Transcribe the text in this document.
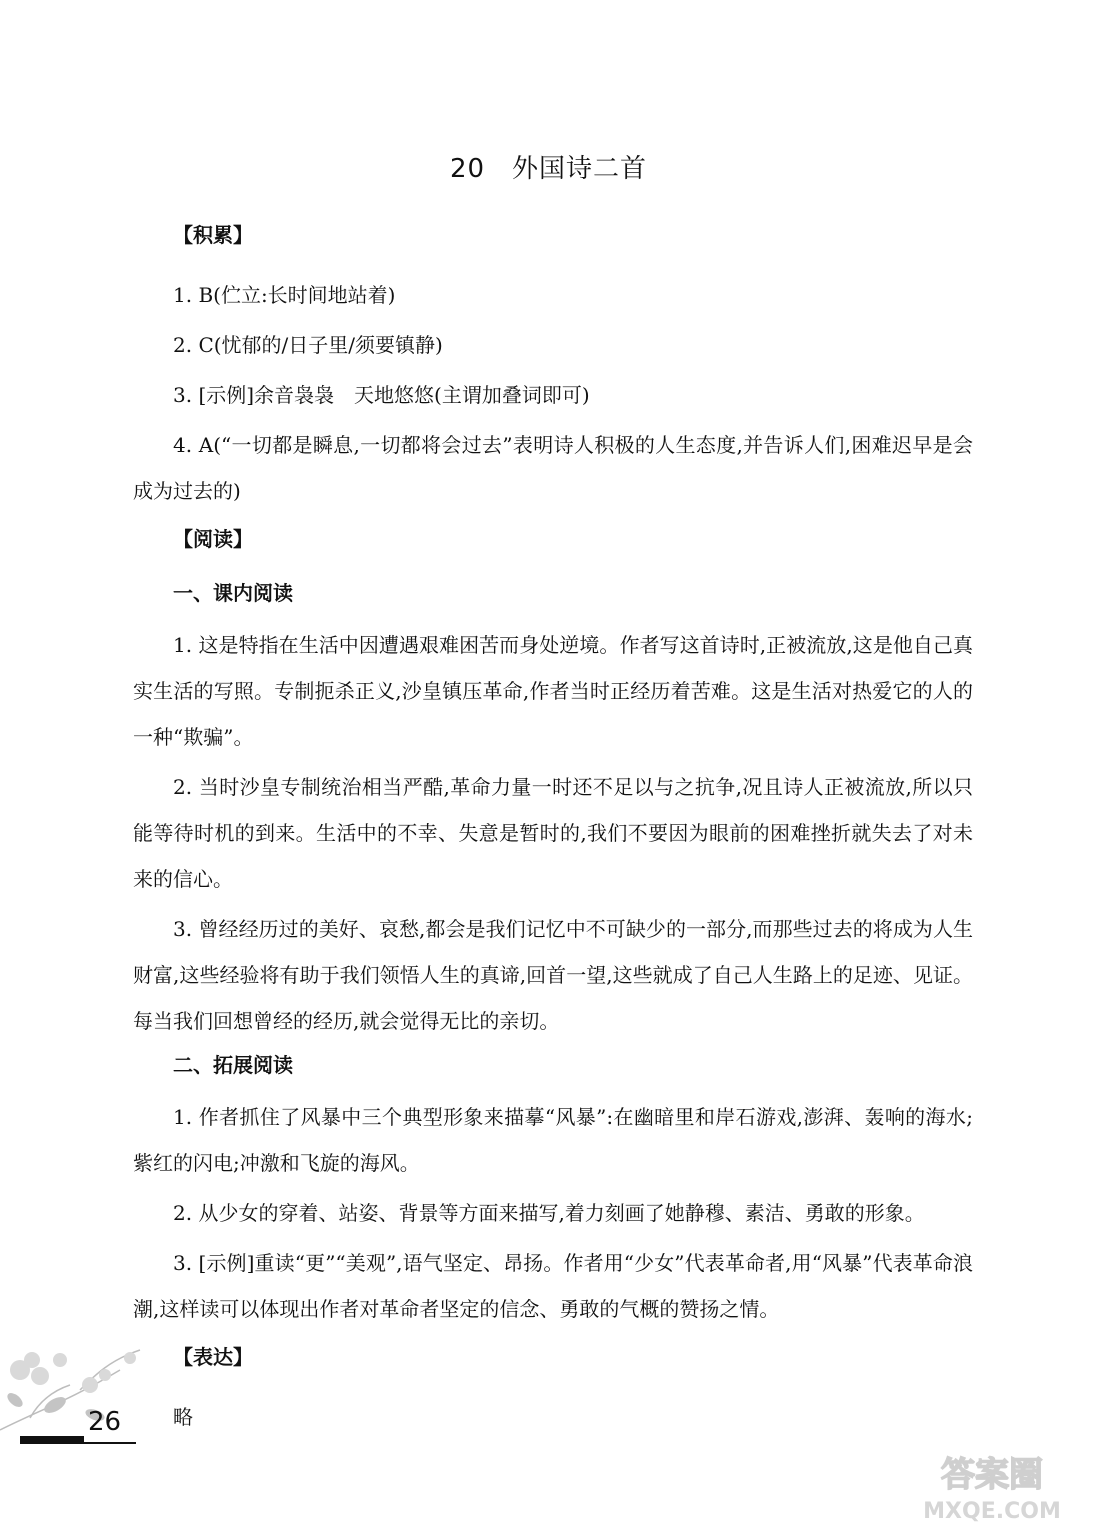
20　外国诗二首
【积累】

1. B(伫立:长时间地站着)

2. C(忧郁的/日子里/须要镇静)

3. [示例]余音袅袅　天地悠悠(主谓加叠词即可)

4. A(“一切都是瞬息,一切都将会过去”表明诗人积极的人生态度,并告诉人们,困难迟早是会成为过去的)

【阅读】
一、课内阅读

1. 这是特指在生活中因遭遇艰难困苦而身处逆境。作者写这首诗时,正被流放,这是他自己真实生活的写照。专制扼杀正义,沙皇镇压革命,作者当时正经历着苦难。这是生活对热爱它的人的一种“欺骗”。

2. 当时沙皇专制统治相当严酷,革命力量一时还不足以与之抗争,况且诗人正被流放,所以只能等待时机的到来。生活中的不幸、失意是暂时的,我们不要因为眼前的困难挫折就失去了对未来的信心。

3. 曾经经历过的美好、哀愁,都会是我们记忆中不可缺少的一部分,而那些过去的将成为人生财富,这些经验将有助于我们领悟人生的真谛,回首一望,这些就成了自己人生路上的足迹、见证。每当我们回想曾经的经历,就会觉得无比的亲切。

二、拓展阅读

1. 作者抓住了风暴中三个典型形象来描摹“风暴”:在幽暗里和岸石游戏,澎湃、轰响的海水;紫红的闪电;冲激和飞旋的海风。

2. 从少女的穿着、站姿、背景等方面来描写,着力刻画了她静穆、素洁、勇敢的形象。

3. [示例]重读“更”“美观”,语气坚定、昂扬。作者用“少女”代表革命者,用“风暴”代表革命浪潮,这样读可以体现出作者对革命者坚定的信念、勇敢的气概的赞扬之情。

【表达】

略

26
答案圈
MXQE.COM
